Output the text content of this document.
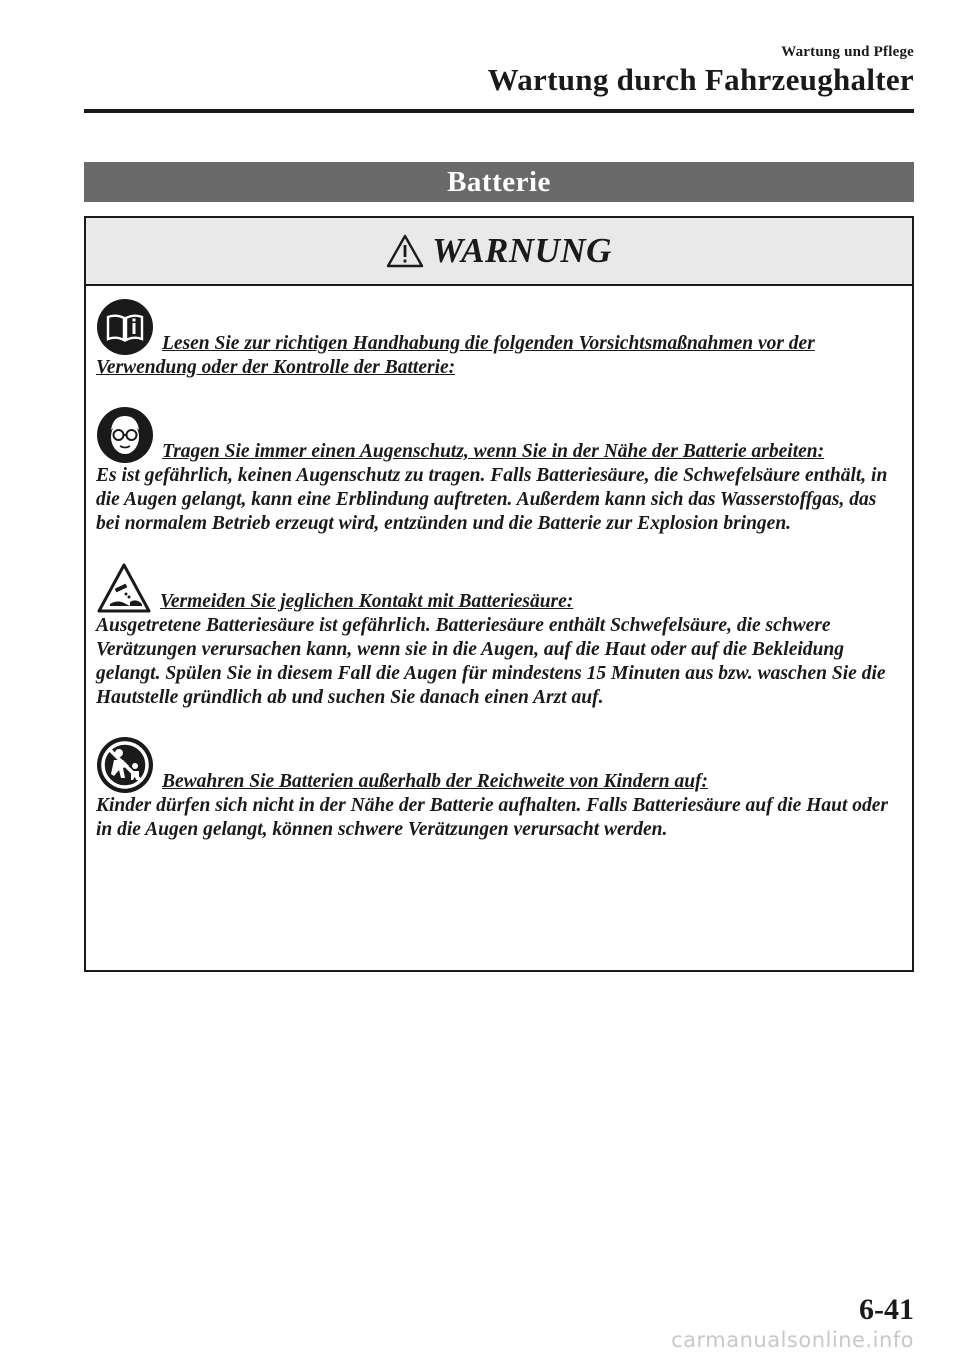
Wartung und Pflege
Wartung durch Fahrzeughalter
Batterie
WARNUNG
Lesen Sie zur richtigen Handhabung die folgenden Vorsichtsmaßnahmen vor der Verwendung oder der Kontrolle der Batterie:
Tragen Sie immer einen Augenschutz, wenn Sie in der Nähe der Batterie arbeiten:
Es ist gefährlich, keinen Augenschutz zu tragen. Falls Batteriesäure, die Schwefelsäure enthält, in die Augen gelangt, kann eine Erblindung auftreten. Außerdem kann sich das Wasserstoffgas, das bei normalem Betrieb erzeugt wird, entzünden und die Batterie zur Explosion bringen.
Vermeiden Sie jeglichen Kontakt mit Batteriesäure:
Ausgetretene Batteriesäure ist gefährlich. Batteriesäure enthält Schwefelsäure, die schwere Verätzungen verursachen kann, wenn sie in die Augen, auf die Haut oder auf die Bekleidung gelangt. Spülen Sie in diesem Fall die Augen für mindestens 15 Minuten aus bzw. waschen Sie die Hautstelle gründlich ab und suchen Sie danach einen Arzt auf.
Bewahren Sie Batterien außerhalb der Reichweite von Kindern auf:
Kinder dürfen sich nicht in der Nähe der Batterie aufhalten. Falls Batteriesäure auf die Haut oder in die Augen gelangt, können schwere Verätzungen verursacht werden.
6-41
carmanualsonline.info
